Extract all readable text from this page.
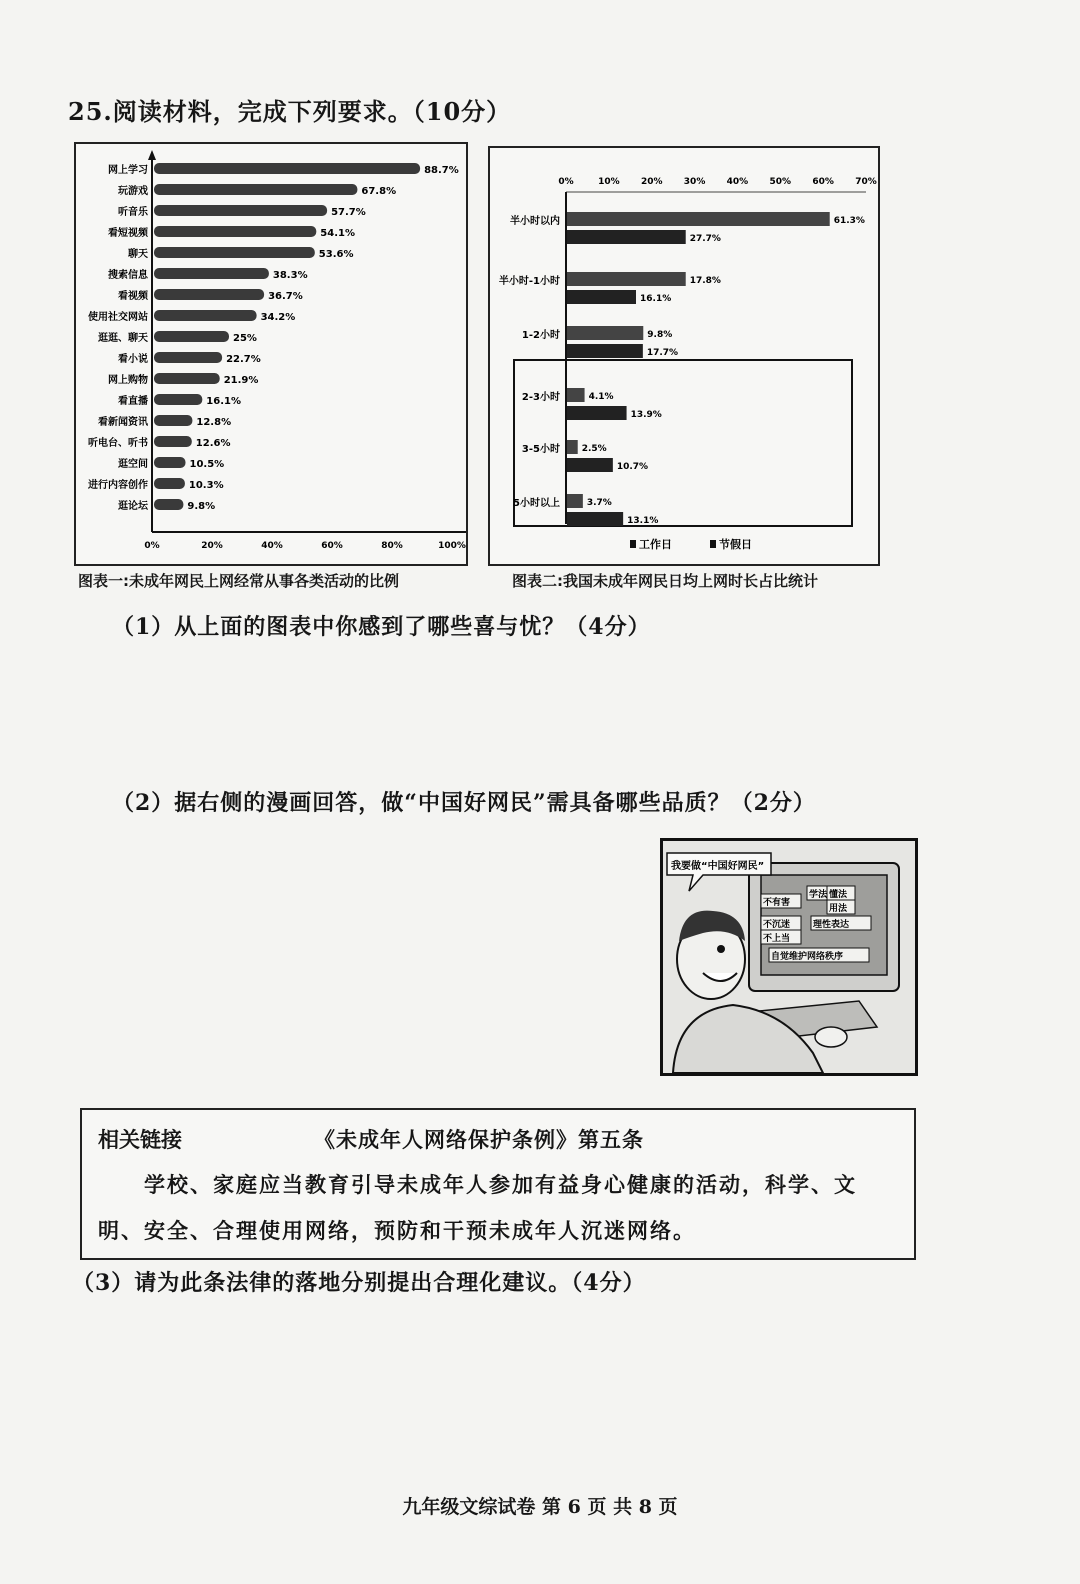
25.阅读材料，完成下列要求。（10分）
0%	20%	40%	60%	80%	100%
网上学习	88.7%
玩游戏	67.8%
听音乐	57.7%
看短视频	54.1%
聊天	53.6%
搜索信息	38.3%
看视频	36.7%
使用社交网站	34.2%
逛逛、聊天	25%
看小说	22.7%
网上购物	21.9%
看直播	16.1%
看新闻资讯	12.8%
听电台、听书	12.6%
逛空间	10.5%
进行内容创作	10.3%
逛论坛	9.8%
图表一:未成年网民上网经常从事各类活动的比例
0%	10% 20% 30% 40% 50% 60% 70%
半小时以内	61.3%
27.7%
半小时-1小时	17.8%
16.1%
1-2小时	9.8%
17.7%
2-3小时	4.1%
13.9%
3-5小时 2.5%
10.7%
5小时以上	3.7%
13.1%
工作日	节假日
图表二:我国未成年网民日均上网时长占比统计
（1）从上面的图表中你感到了哪些喜与忧？（4分）
（2）据右侧的漫画回答，做“中国好网民”需具备哪些品质？（2分）
我要做“中国好网民”
不有害
学法 懂法
用法
不沉迷
不上当
理性表达
自觉维护网络秩序
相关链接	《未成年人网络保护条例》第五条
学校、家庭应当教育引导未成年人参加有益身心健康的活动，科学、文明、安全、合理使用网络，预防和干预未成年人沉迷网络。
（3）请为此条法律的落地分别提出合理化建议。（4分）
九年级文综试卷 第 6 页 共 8 页
